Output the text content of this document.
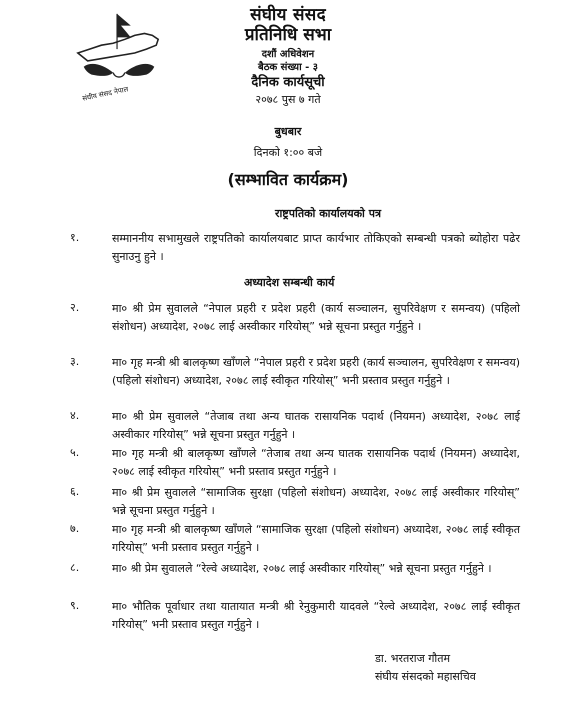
संघीय संसद नेपाल
संघीय संसद
प्रतिनिधि सभा
दशौं अधिवेशन
बैठक संख्या - ३
दैनिक कार्यसूची
२०७८ पुस ७ गते
बुधबार
दिनको १:०० बजे
(सम्भावित कार्यक्रम)
राष्ट्रपतिको कार्यालयको पत्र
१.	सम्माननीय सभामुखले राष्ट्रपतिको कार्यालयबाट प्राप्त कार्यभार तोकिएको सम्बन्धी पत्रको ब्योहोरा पढेर सुनाउनु हुने ।
अध्यादेश सम्बन्धी कार्य
२.	मा० श्री प्रेम सुवालले “नेपाल प्रहरी र प्रदेश प्रहरी (कार्य सञ्चालन, सुपरिवेक्षण र समन्वय) (पहिलो संशोधन) अध्यादेश, २०७८ लाई अस्वीकार गरियोस्” भन्ने सूचना प्रस्तुत गर्नुहुने ।
३.	मा० गृह मन्त्री श्री बालकृष्ण खाँणले “नेपाल प्रहरी र प्रदेश प्रहरी (कार्य सञ्चालन, सुपरिवेक्षण र समन्वय) (पहिलो संशोधन) अध्यादेश, २०७८ लाई स्वीकृत गरियोस्” भनी प्रस्ताव प्रस्तुत गर्नुहुने ।
४.	मा० श्री प्रेम सुवालले “तेजाब तथा अन्य घातक रासायनिक पदार्थ (नियमन) अध्यादेश, २०७८ लाई अस्वीकार गरियोस्” भन्ने सूचना प्रस्तुत गर्नुहुने ।
५.	मा० गृह मन्त्री श्री बालकृष्ण खाँणले “तेजाब तथा अन्य घातक रासायनिक पदार्थ (नियमन) अध्यादेश, २०७८ लाई स्वीकृत गरियोस्” भनी प्रस्ताव प्रस्तुत गर्नुहुने ।
६.	मा० श्री प्रेम सुवालले “सामाजिक सुरक्षा (पहिलो संशोधन) अध्यादेश, २०७८ लाई अस्वीकार गरियोस्” भन्ने सूचना प्रस्तुत गर्नुहुने ।
७.	मा० गृह मन्त्री श्री बालकृष्ण खाँणले “सामाजिक सुरक्षा (पहिलो संशोधन) अध्यादेश, २०७८ लाई स्वीकृत गरियोस्” भनी प्रस्ताव प्रस्तुत गर्नुहुने ।
८.	मा० श्री प्रेम सुवालले “रेल्वे अध्यादेश, २०७८ लाई अस्वीकार गरियोस्” भन्ने सूचना प्रस्तुत गर्नुहुने ।
९.	मा० भौतिक पूर्वाधार तथा यातायात मन्त्री श्री रेनुकुमारी यादवले “रेल्वे अध्यादेश, २०७८ लाई स्वीकृत गरियोस्” भनी प्रस्ताव प्रस्तुत गर्नुहुने ।
डा. भरतराज गौतम
संघीय संसदको महासचिव
